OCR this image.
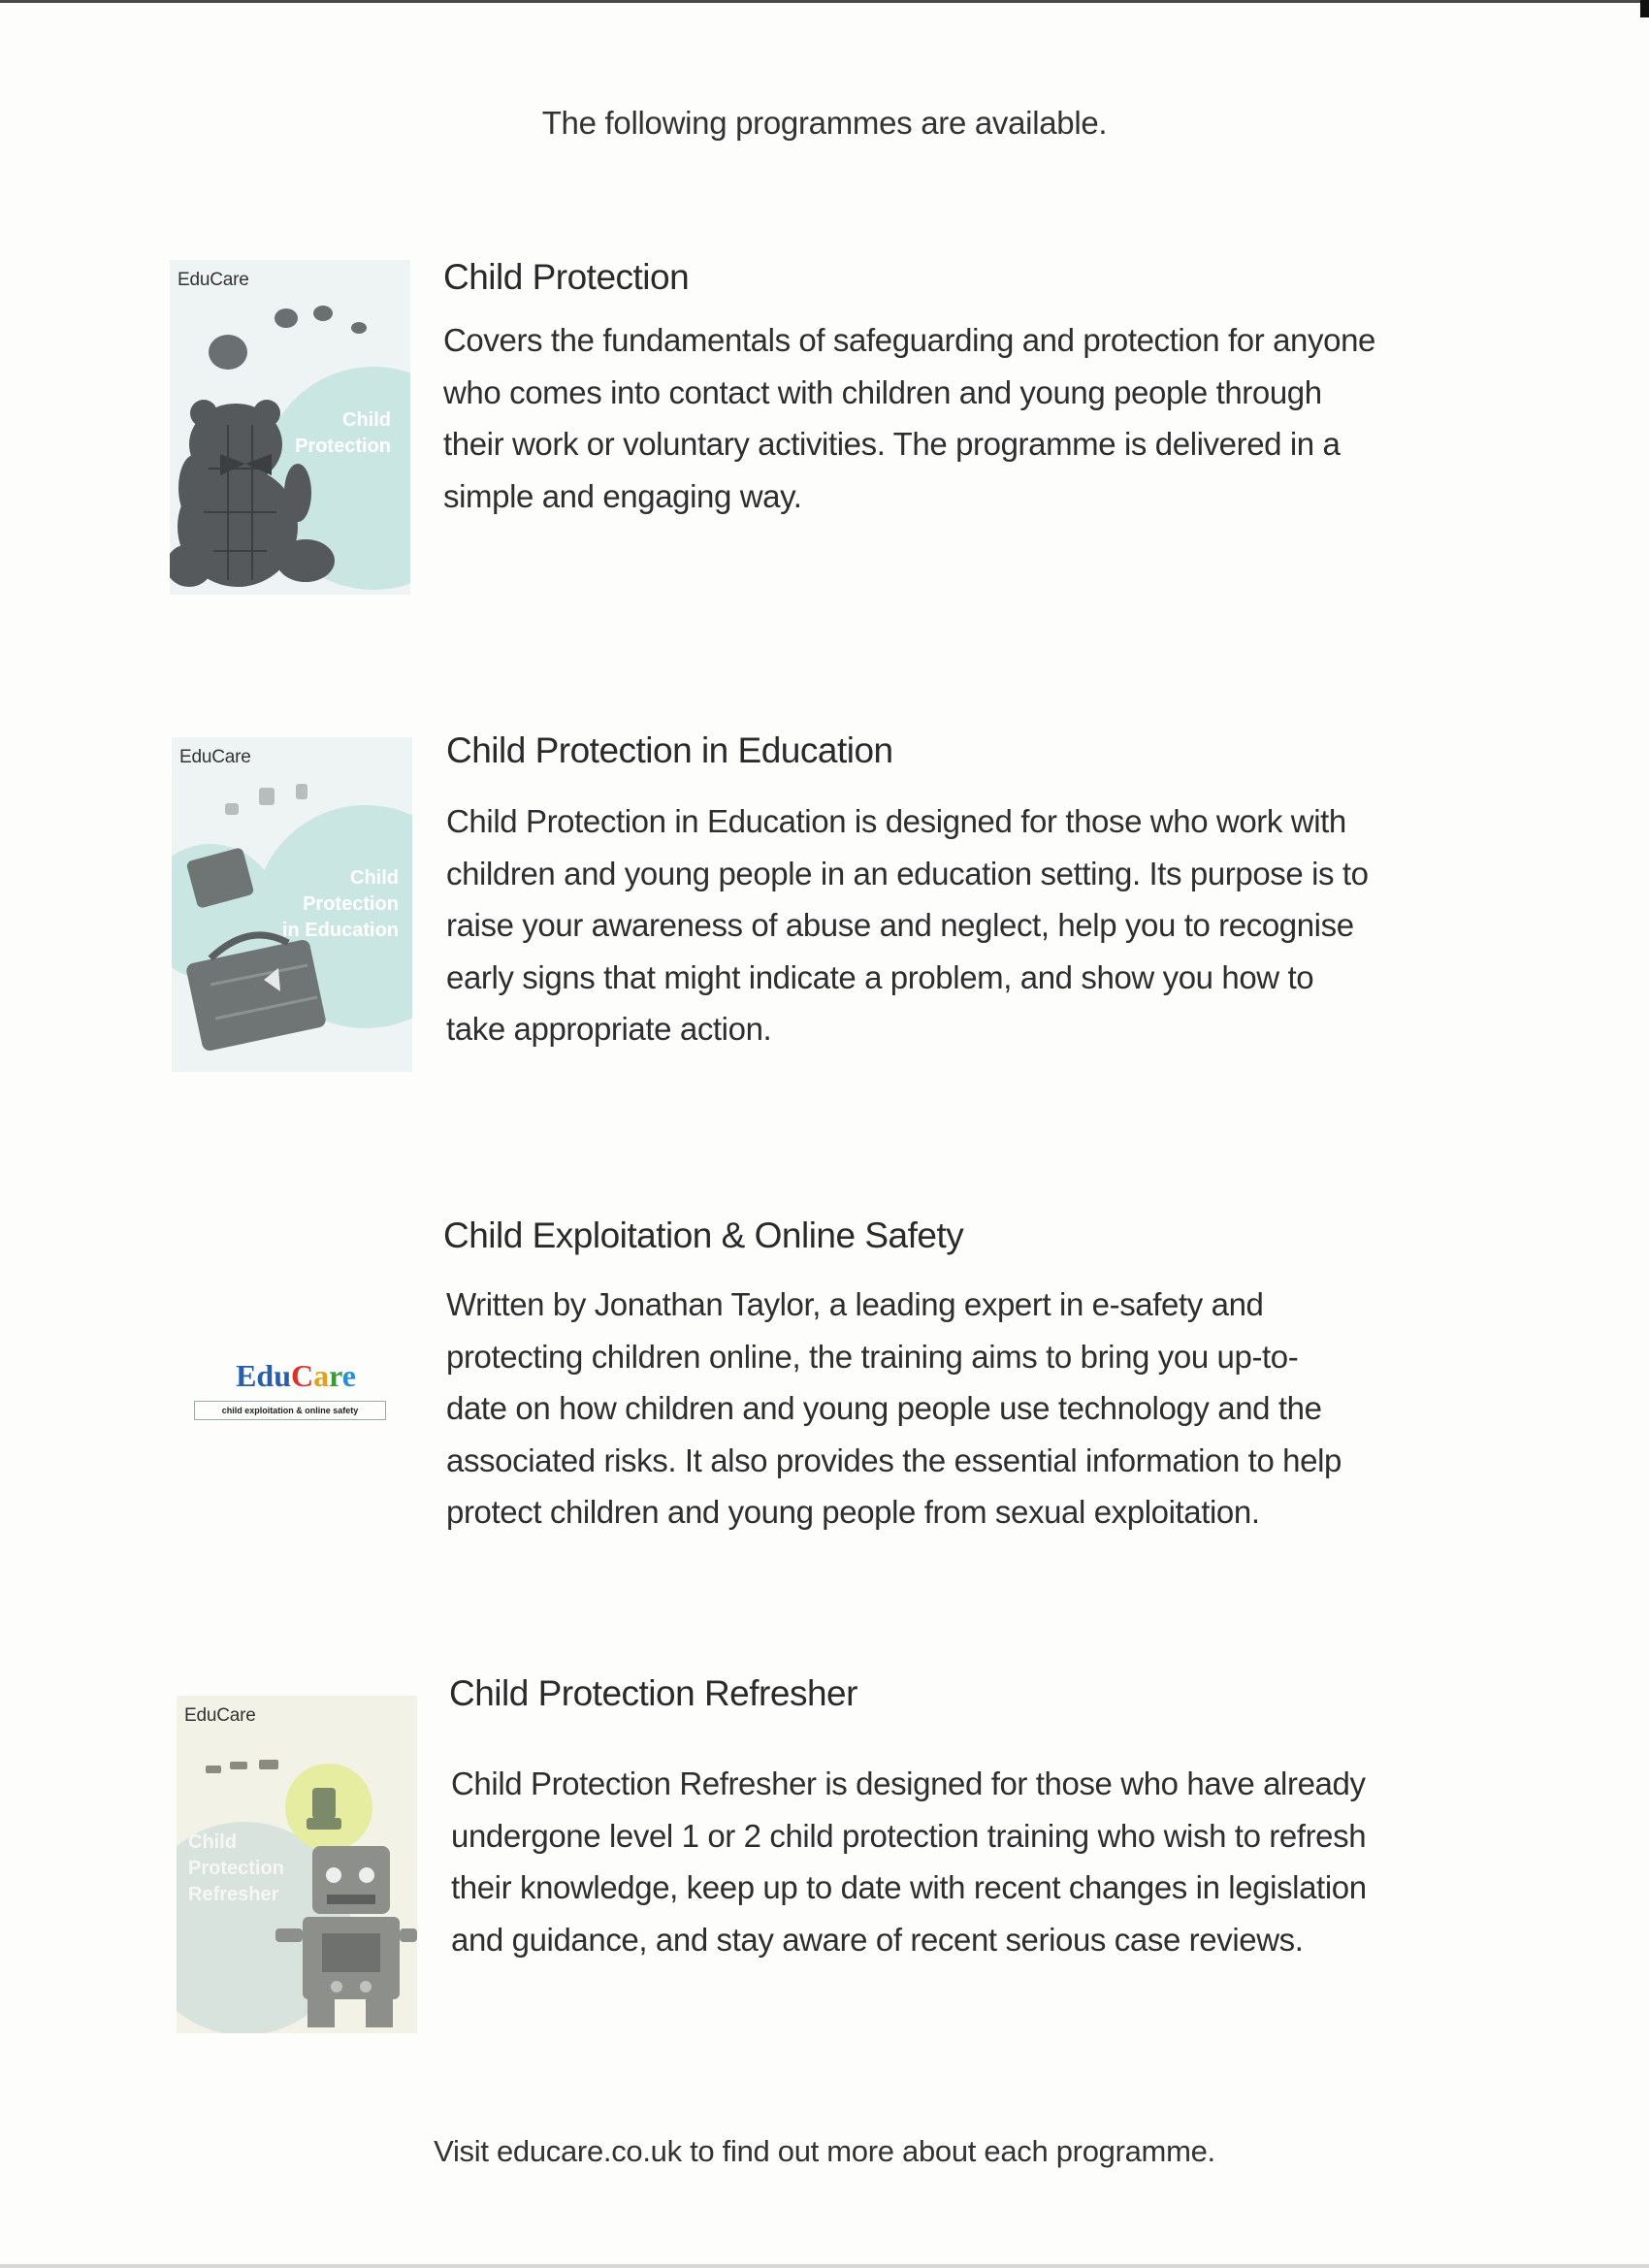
The following programmes are available.
EduCare
Child
Protection
Child Protection
Covers the fundamentals of safeguarding and protection for anyone
who comes into contact with children and young people through
their work or voluntary activities. The programme is delivered in a
simple and engaging way.
EduCare
Child
Protection
in Education
Child Protection in Education
Child Protection in Education is designed for those who work with
children and young people in an education setting. Its purpose is to
raise your awareness of abuse and neglect, help you to recognise
early signs that might indicate a problem, and show you how to
take appropriate action.
EduCare
child exploitation & online safety
Child Exploitation & Online Safety
Written by Jonathan Taylor, a leading expert in e-safety and
protecting children online, the training aims to bring you up-to-
date on how children and young people use technology and the
associated risks. It also provides the essential information to help
protect children and young people from sexual exploitation.
EduCare
Child
Protection
Refresher
Child Protection Refresher
Child Protection Refresher is designed for those who have already
undergone level 1 or 2 child protection training who wish to refresh
their knowledge, keep up to date with recent changes in legislation
and guidance, and stay aware of recent serious case reviews.
Visit educare.co.uk to find out more about each programme.
